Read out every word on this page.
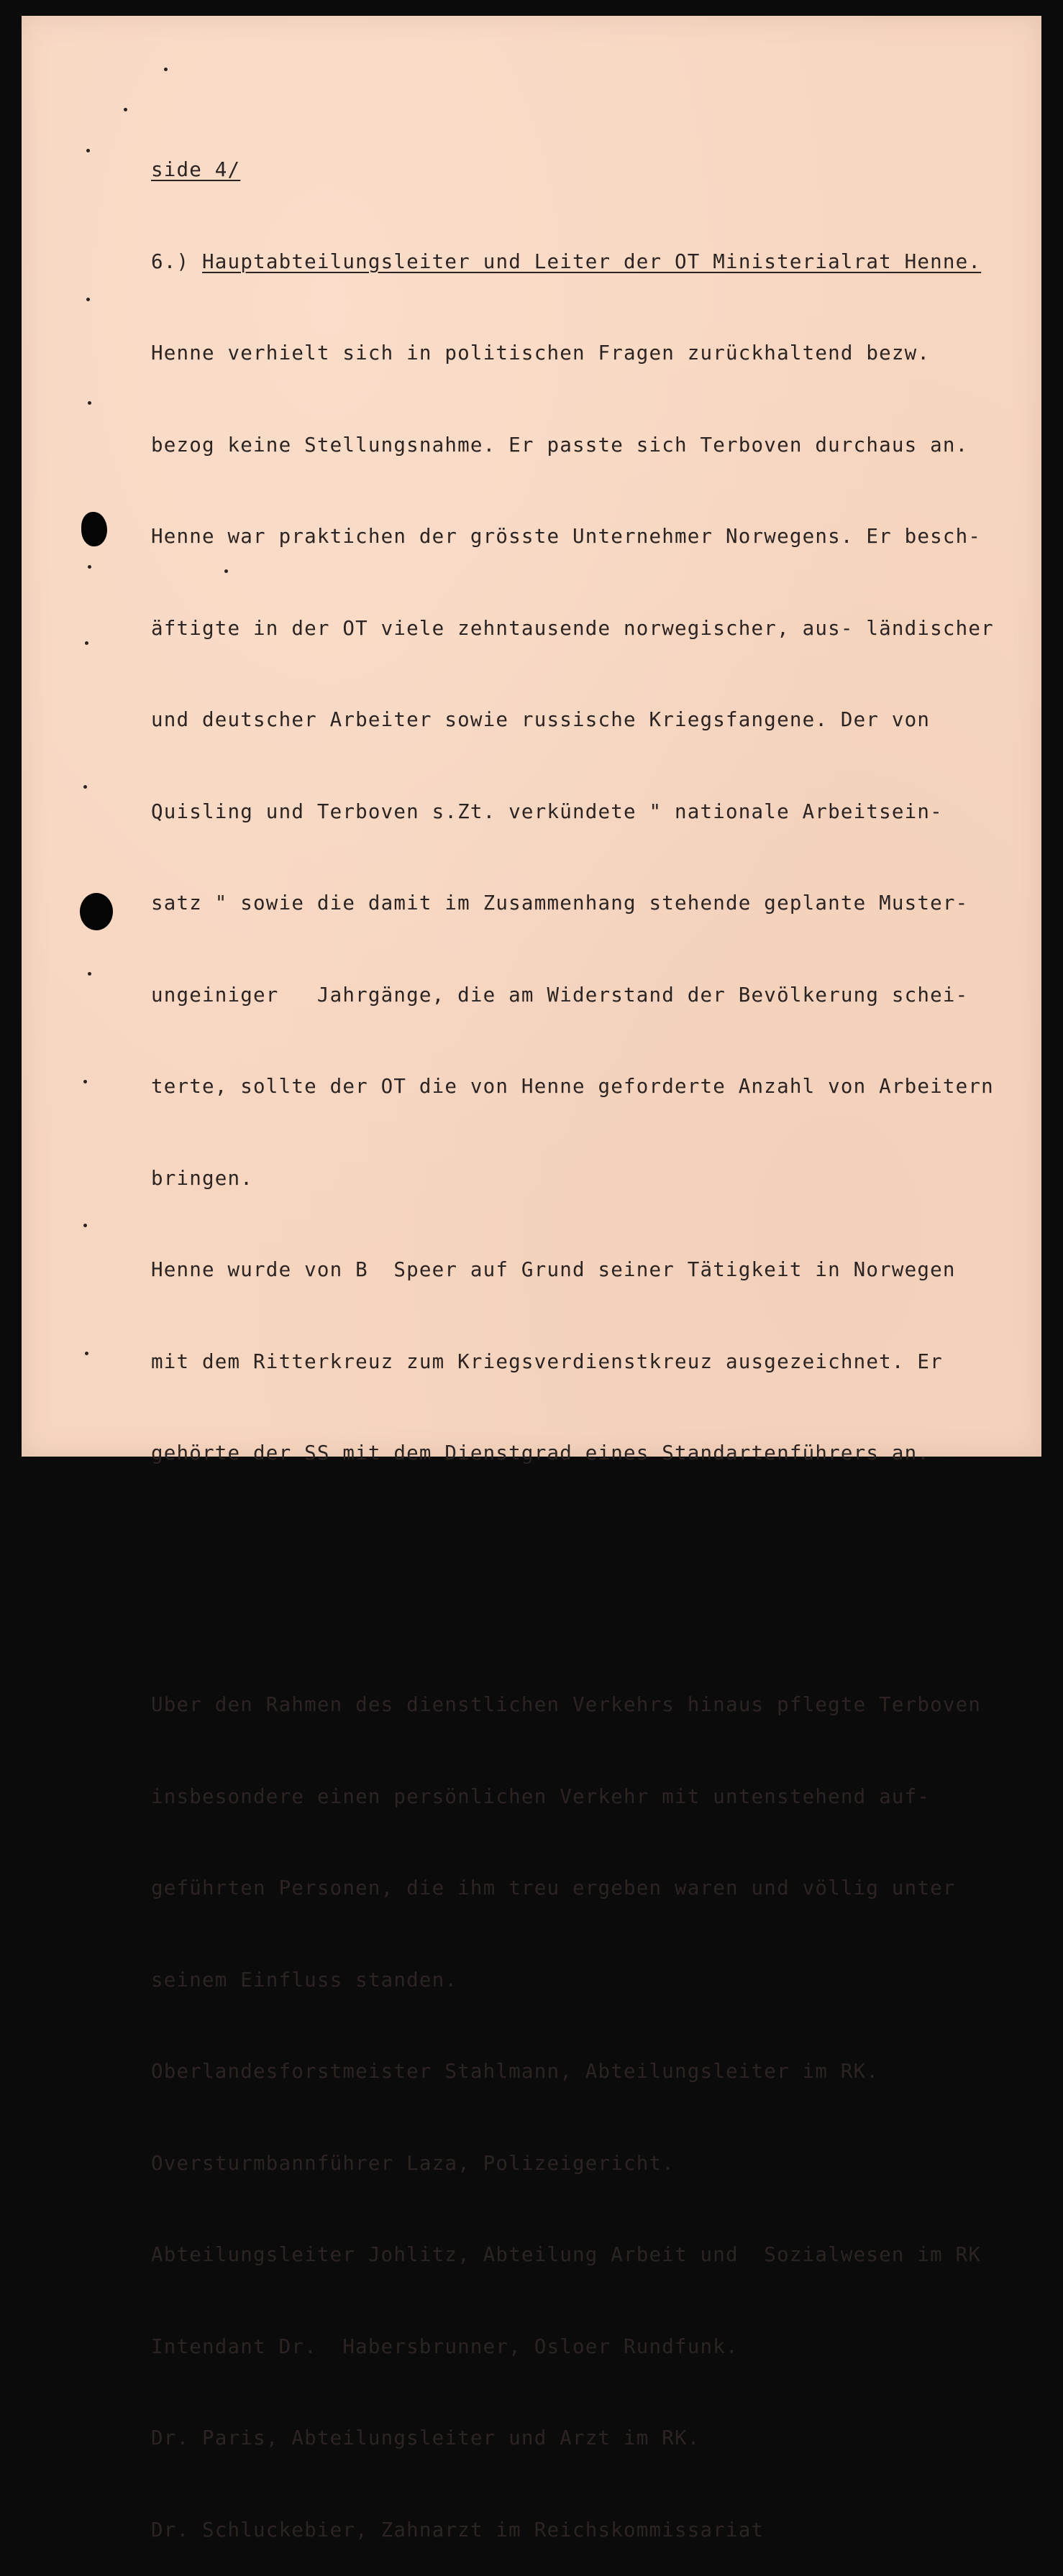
side 4/

6.) Hauptabteilungsleiter und Leiter der OT Ministerialrat Henne.

Henne verhielt sich in politischen Fragen zurückhaltend bezw.

bezog keine Stellungsnahme. Er passte sich Terboven durchaus an.

Henne war praktichen der grösste Unternehmer Norwegens. Er besch-

äftigte in der OT viele zehntausende norwegischer, aus- ländischer

und deutscher Arbeiter sowie russische Kriegsfangene. Der von

Quisling und Terboven s.Zt. verkündete " nationale Arbeitsein-

satz " sowie die damit im Zusammenhang stehende geplante Muster-

ungeiniger   Jahrgänge, die am Widerstand der Bevölkerung schei-

terte, sollte der OT die von Henne geforderte Anzahl von Arbeitern

bringen.

Henne wurde von B  Speer auf Grund seiner Tätigkeit in Norwegen

mit dem Ritterkreuz zum Kriegsverdienstkreuz ausgezeichnet. Er

gehörte der SS mit dem Dienstgrad eines Standartenführers an.

Uber den Rahmen des dienstlichen Verkehrs hinaus pflegte Terboven

insbesondere einen persönlichen Verkehr mit untenstehend auf-

geführten Personen, die ihm treu ergeben waren und völlig unter

seinem Einfluss standen.

Oberlandesforstmeister Stahlmann, Abteilungsleiter im RK.

Oversturmbannführer Laza, Polizeigericht.

Abteilungsleiter Johlitz, Abteilung Arbeit und  Sozialwesen im RK

Intendant Dr.  Habersbrunner, Osloer Rundfunk.

Dr. Paris, Abteilungsleiter und Arzt im RK.

Dr. Schluckebier, Zahnarzt im Reichskommissariat
